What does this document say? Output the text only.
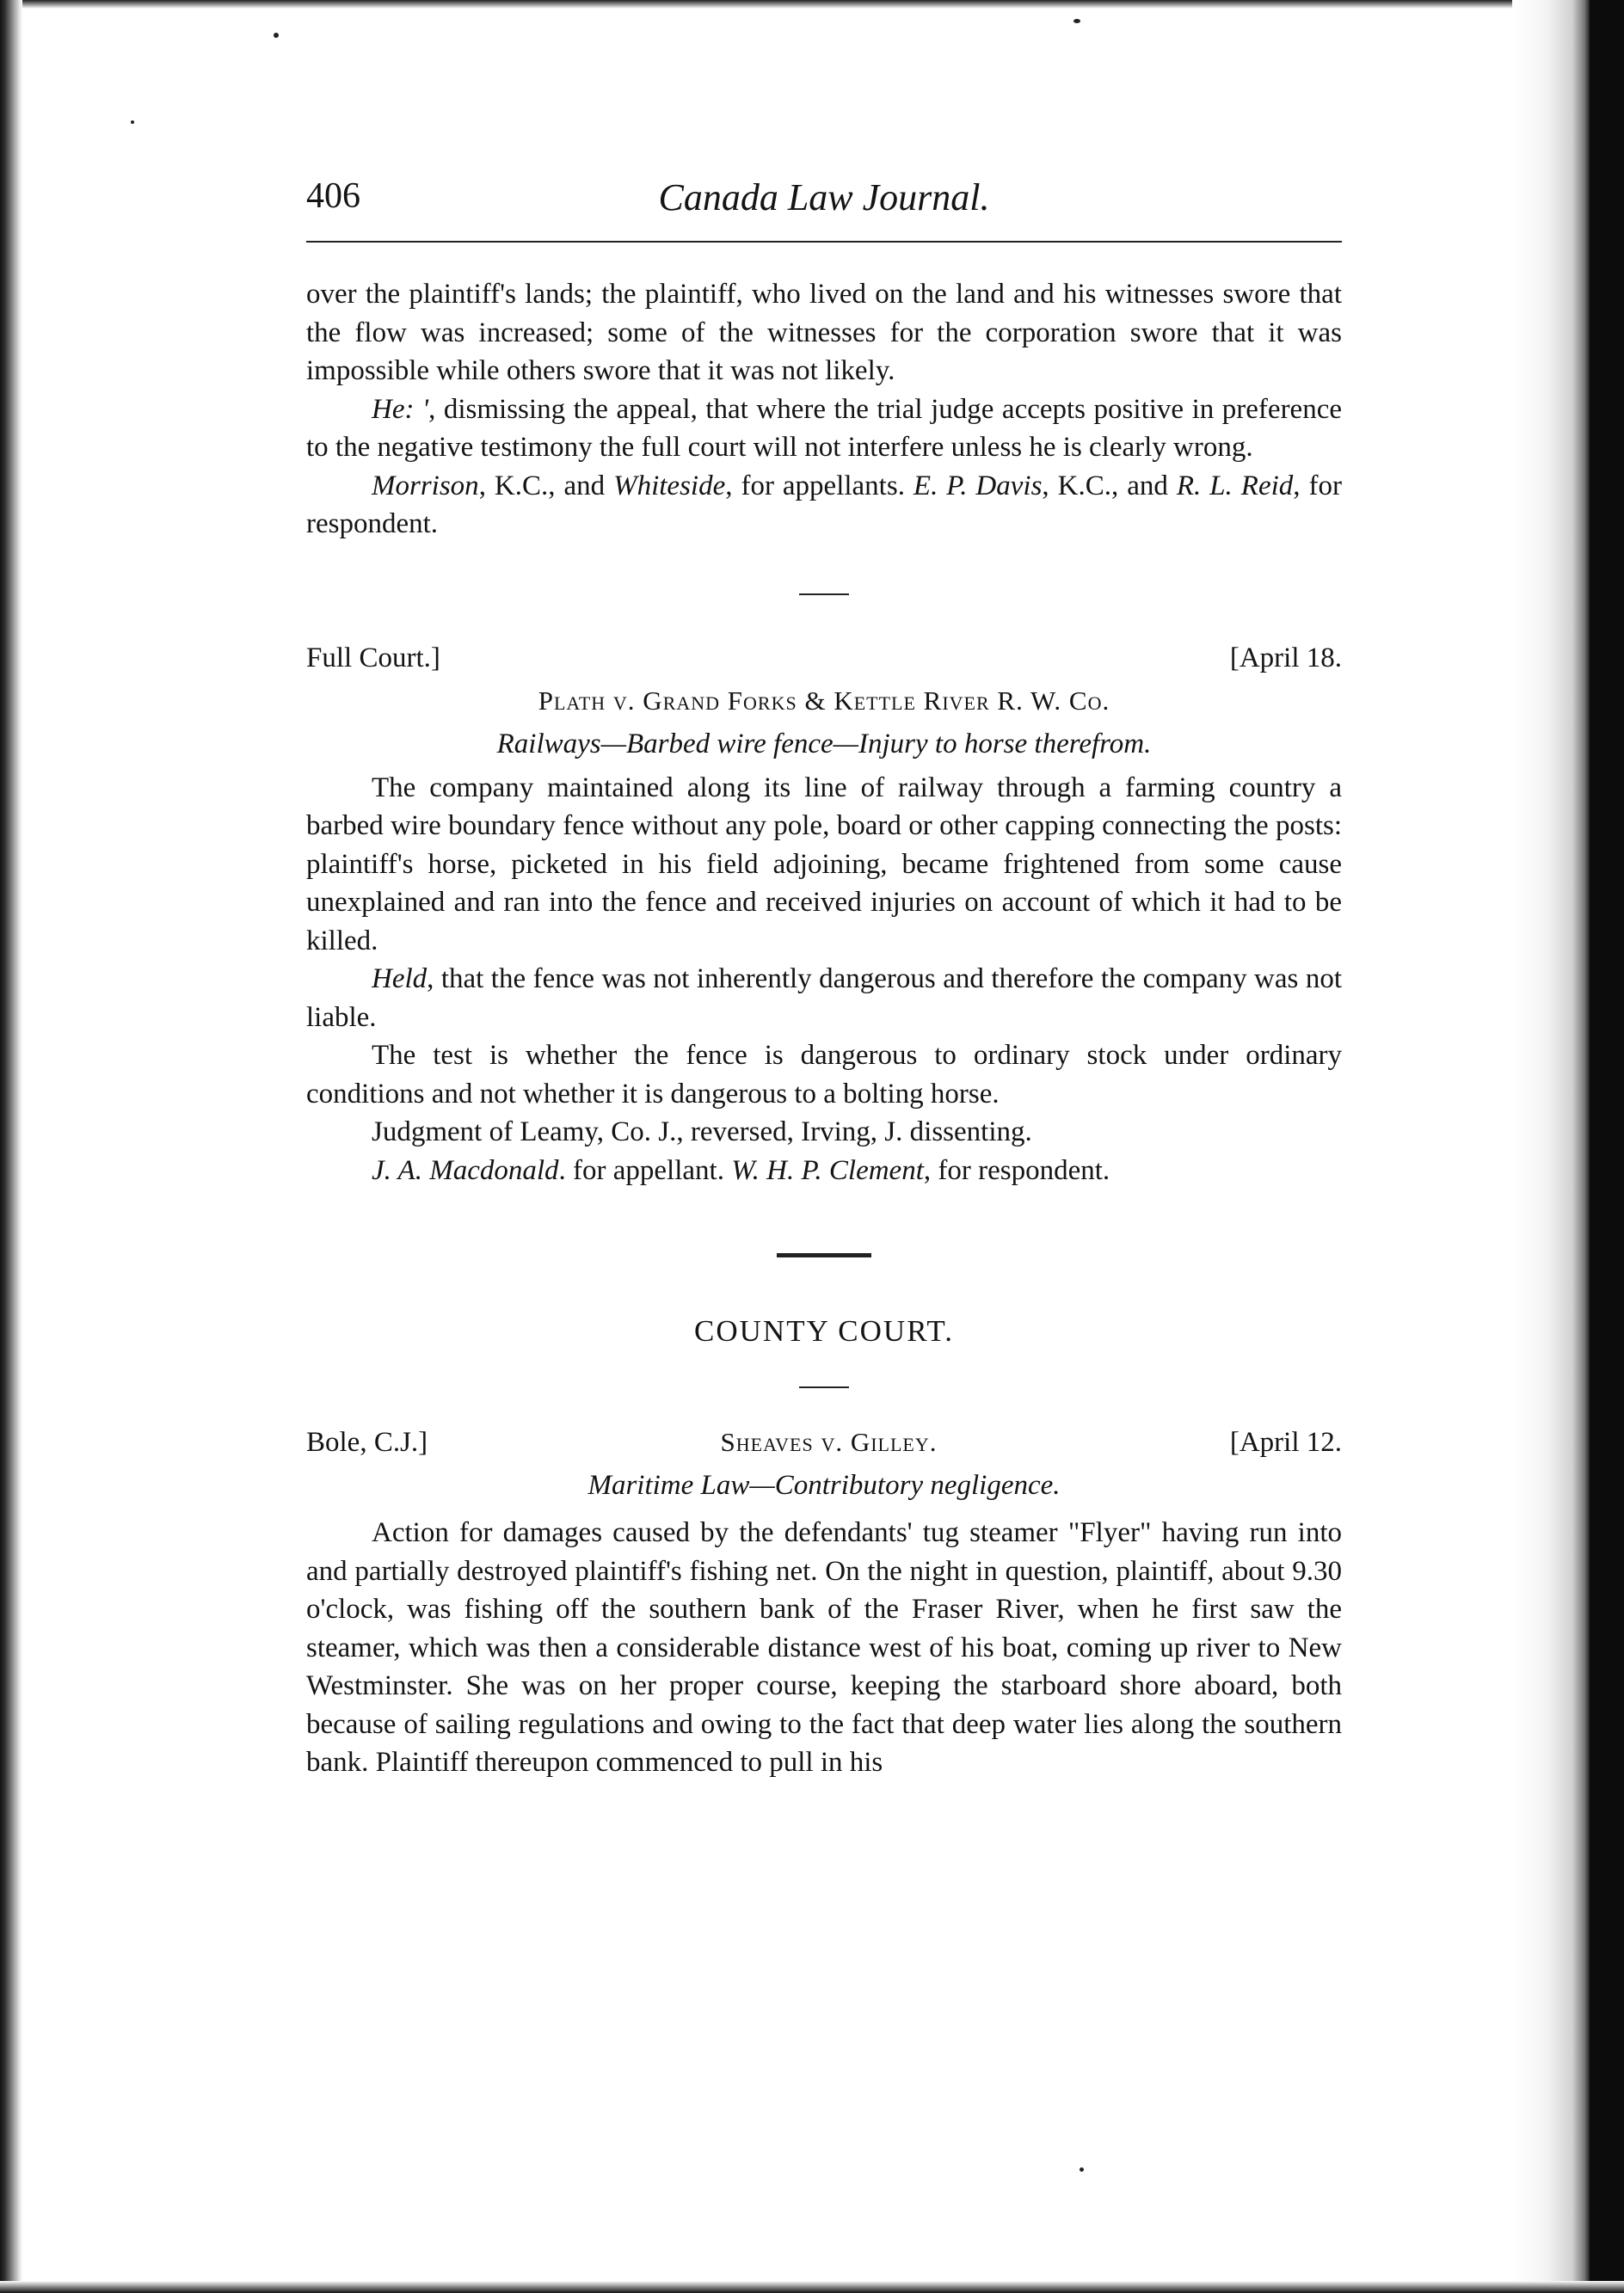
406	Canada Law Journal.

over the plaintiff's lands; the plaintiff, who lived on the land and his witnesses swore that the flow was increased; some of the witnesses for the corporation swore that it was impossible while others swore that it was not likely.

He: ', dismissing the appeal, that where the trial judge accepts positive in preference to the negative testimony the full court will not interfere unless he is clearly wrong.

Morrison, K.C., and Whiteside, for appellants. E. P. Davis, K.C., and R. L. Reid, for respondent.

Full Court.]	[April 18.
Plath v. Grand Forks & Kettle River R. W. Co.
Railways—Barbed wire fence—Injury to horse therefrom.

The company maintained along its line of railway through a farming country a barbed wire boundary fence without any pole, board or other capping connecting the posts: plaintiff's horse, picketed in his field adjoining, became frightened from some cause unexplained and ran into the fence and received injuries on account of which it had to be killed.

Held, that the fence was not inherently dangerous and therefore the company was not liable.

The test is whether the fence is dangerous to ordinary stock under ordinary conditions and not whether it is dangerous to a bolting horse.

Judgment of Leamy, Co. J., reversed, Irving, J. dissenting.

J. A. Macdonald. for appellant. W. H. P. Clement, for respondent.

COUNTY COURT.
Bole, C.J.]	Sheaves v. Gilley.	[April 12.
Maritime Law—Contributory negligence.

Action for damages caused by the defendants' tug steamer "Flyer" having run into and partially destroyed plaintiff's fishing net. On the night in question, plaintiff, about 9.30 o'clock, was fishing off the southern bank of the Fraser River, when he first saw the steamer, which was then a considerable distance west of his boat, coming up river to New Westminster. She was on her proper course, keeping the starboard shore aboard, both because of sailing regulations and owing to the fact that deep water lies along the southern bank. Plaintiff thereupon commenced to pull in his
